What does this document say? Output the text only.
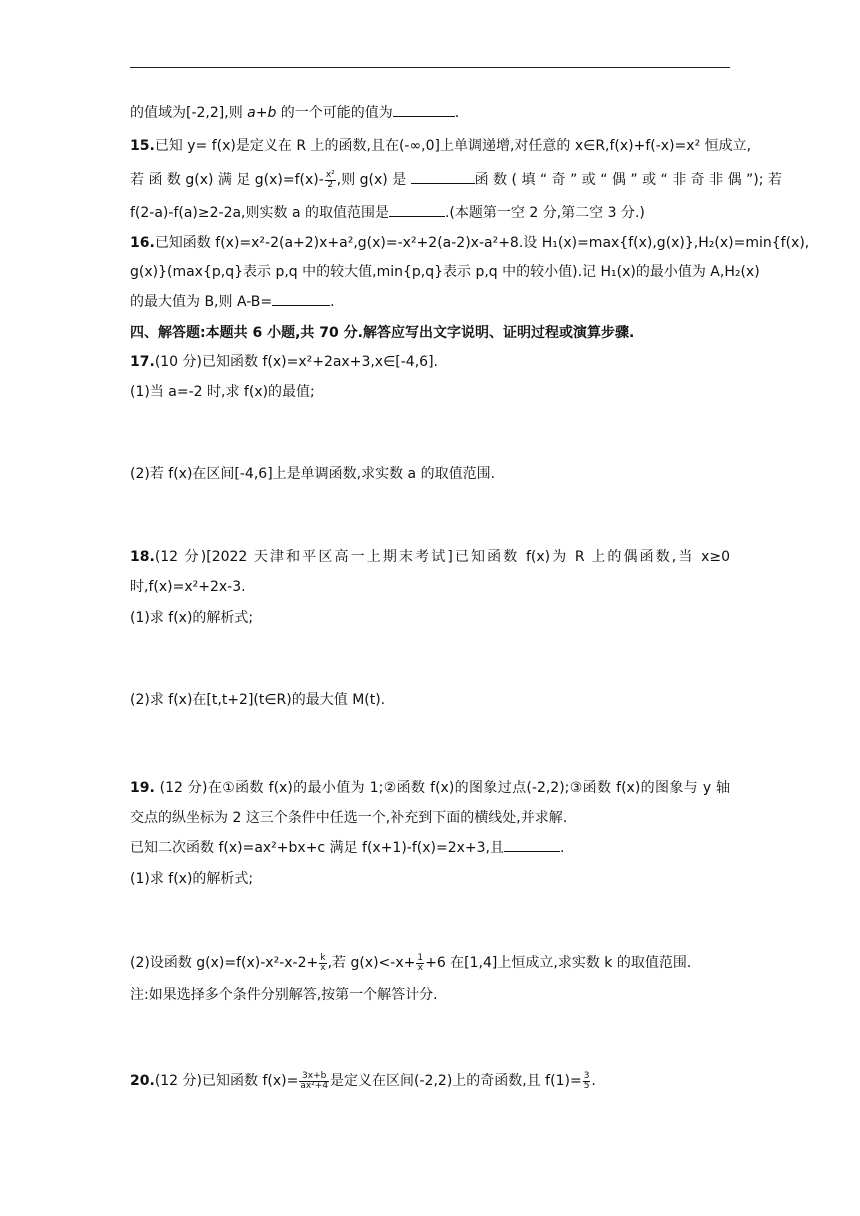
的值域为[-2,2],则 a+b 的一个可能的值为	.
15.已知 y= f(x)是定义在 R 上的函数,且在(-∞,0]上单调递增,对任意的 x∈R,f(x)+f(-x)=x² 恒成立,
若 函 数 g(x) 满 足 $g(x)=f(x)- \frac{\text{x²}}{2}$ ,则 g(x) 是	函 数 ( 填 “ 奇 ” 或 “ 偶 ” 或 “ 非 奇 非 偶 ”); 若
f(2-a)-f(a)≥2-2a,则实数 a 的取值范围是	.(本题第一空 2 分,第二空 3 分.)
16.已知函数 f(x)=x²-2(a+2)x+a²,g(x)=-x²+2(a-2)x-a²+8.设 H₁(x)=max{f(x),g(x)},H₂(x)=min{f(x),
g(x)}(max{p,q}表示 p,q 中的较大值,min{p,q}表示 p,q 中的较小值).记 H₁(x)的最小值为 A,H₂(x)
的最大值为 B,则 A-B=	.
四、解答题:本题共 6 小题,共 70 分.解答应写出文字说明、证明过程或演算步骤.
17.(10 分)已知函数 f(x)=x²+2ax+3,x∈[-4,6].
(1)当 a=-2 时,求 f(x)的最值;
(2)若 f(x)在区间[-4,6]上是单调函数,求实数 a 的取值范围.
18.(12 分)[2022 天津和平区高一上期末考试]已知函数 f(x)为 R 上的偶函数,当 x≥0
时,f(x)=x²+2x-3.
(1)求 f(x)的解析式;
(2)求 f(x)在[t,t+2](t∈R)的最大值 M(t).
19. (12 分)在①函数 f(x)的最小值为 1;②函数 f(x)的图象过点(-2,2);③函数 f(x)的图象与 y 轴
交点的纵坐标为 2 这三个条件中任选一个,补充到下面的横线处,并求解.
已知二次函数 f(x)=ax²+bx+c 满足 f(x+1)-f(x)=2x+3,且	.
(1)求 f(x)的解析式;
(2)设函数 $g(x)=f(x)-x^2-x-2+ \frac{k}{x}$ ,若 $g(x)<-x+ \frac{1}{x} +6$ 在[1,4]上恒成立,求实数 k 的取值范围.
注:如果选择多个条件分别解答,按第一个解答计分.
20.(12 分)已知函数 $f(x)= \frac{3x+b}{\text{ax²+4}}$ 是定义在区间(-2,2)上的奇函数,且 $f(1)= \frac{3}{5}$ .
